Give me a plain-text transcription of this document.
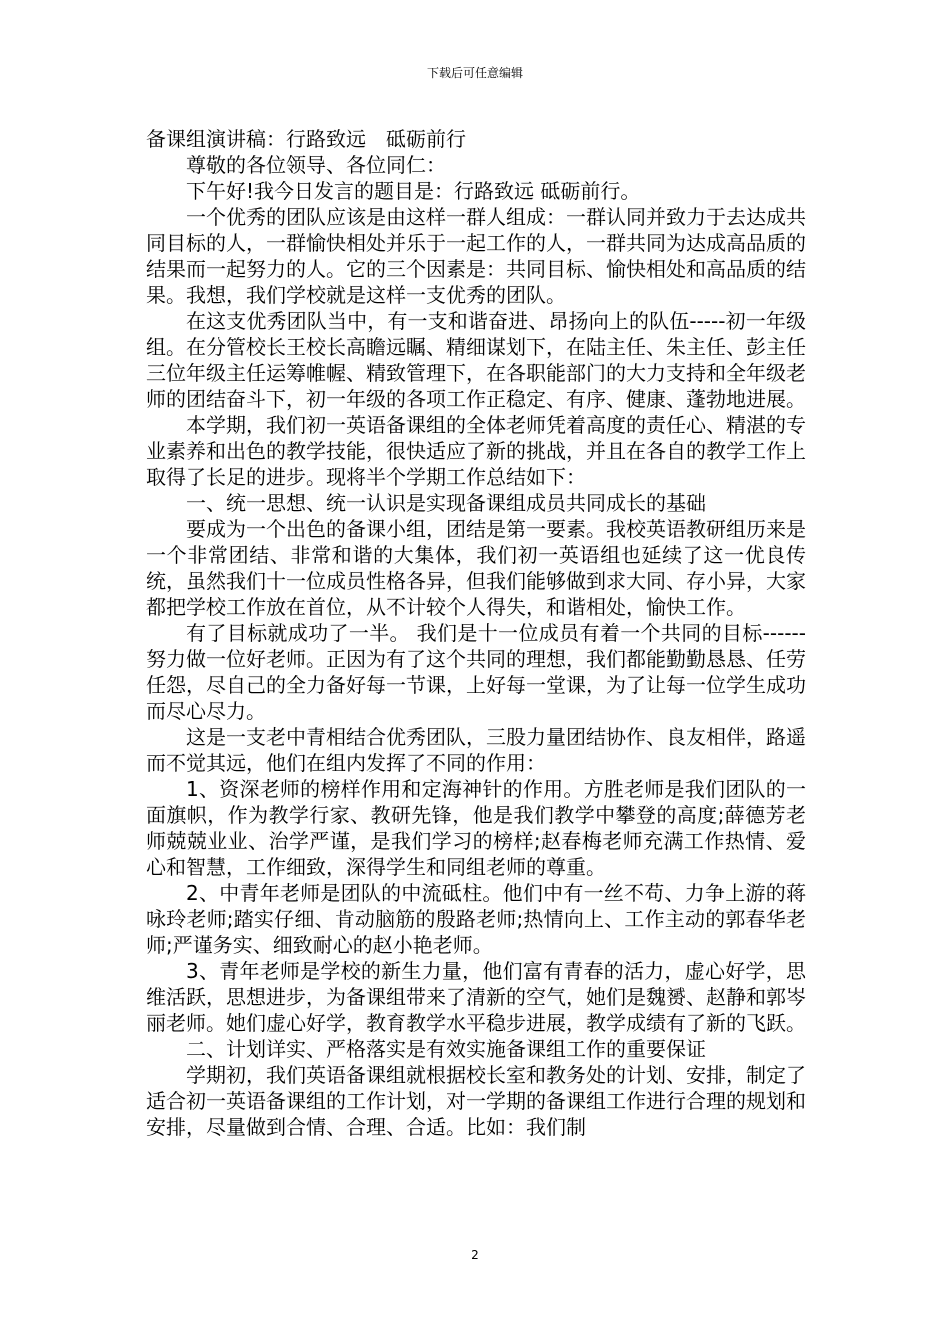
下载后可任意编辑

备课组演讲稿：行路致远　砥砺前行

尊敬的各位领导、各位同仁：

下午好!我今日发言的题目是：行路致远 砥砺前行。

一个优秀的团队应该是由这样一群人组成：一群认同并致力于去达成共同目标的人，一群愉快相处并乐于一起工作的人，一群共同为达成高品质的结果而一起努力的人。它的三个因素是：共同目标、愉快相处和高品质的结果。我想，我们学校就是这样一支优秀的团队。

在这支优秀团队当中，有一支和谐奋进、昂扬向上的队伍-----初一年级组。在分管校长王校长高瞻远瞩、精细谋划下，在陆主任、朱主任、彭主任三位年级主任运筹帷幄、精致管理下，在各职能部门的大力支持和全年级老师的团结奋斗下，初一年级的各项工作正稳定、有序、健康、蓬勃地进展。

本学期，我们初一英语备课组的全体老师凭着高度的责任心、精湛的专业素养和出色的教学技能，很快适应了新的挑战，并且在各自的教学工作上取得了长足的进步。现将半个学期工作总结如下：

一、统一思想、统一认识是实现备课组成员共同成长的基础

要成为一个出色的备课小组，团结是第一要素。我校英语教研组历来是一个非常团结、非常和谐的大集体，我们初一英语组也延续了这一优良传统，虽然我们十一位成员性格各异，但我们能够做到求大同、存小异，大家都把学校工作放在首位，从不计较个人得失，和谐相处，愉快工作。

有了目标就成功了一半。 我们是十一位成员有着一个共同的目标------努力做一位好老师。正因为有了这个共同的理想，我们都能勤勤恳恳、任劳任怨，尽自己的全力备好每一节课，上好每一堂课，为了让每一位学生成功而尽心尽力。

这是一支老中青相结合优秀团队，三股力量团结协作、良友相伴，路遥而不觉其远，他们在组内发挥了不同的作用：

1、资深老师的榜样作用和定海神针的作用。方胜老师是我们团队的一面旗帜，作为教学行家、教研先锋，他是我们教学中攀登的高度;薛德芳老师兢兢业业、治学严谨，是我们学习的榜样;赵春梅老师充满工作热情、爱心和智慧，工作细致，深得学生和同组老师的尊重。

2、中青年老师是团队的中流砥柱。他们中有一丝不苟、力争上游的蒋咏玲老师;踏实仔细、肯动脑筋的殷路老师;热情向上、工作主动的郭春华老师;严谨务实、细致耐心的赵小艳老师。

3、青年老师是学校的新生力量，他们富有青春的活力，虚心好学，思维活跃，思想进步，为备课组带来了清新的空气，她们是魏赟、赵静和郭岑丽老师。她们虚心好学，教育教学水平稳步进展，教学成绩有了新的飞跃。

二、计划详实、严格落实是有效实施备课组工作的重要保证

学期初，我们英语备课组就根据校长室和教务处的计划、安排，制定了适合初一英语备课组的工作计划，对一学期的备课组工作进行合理的规划和安排，尽量做到合情、合理、合适。比如：我们制

2
